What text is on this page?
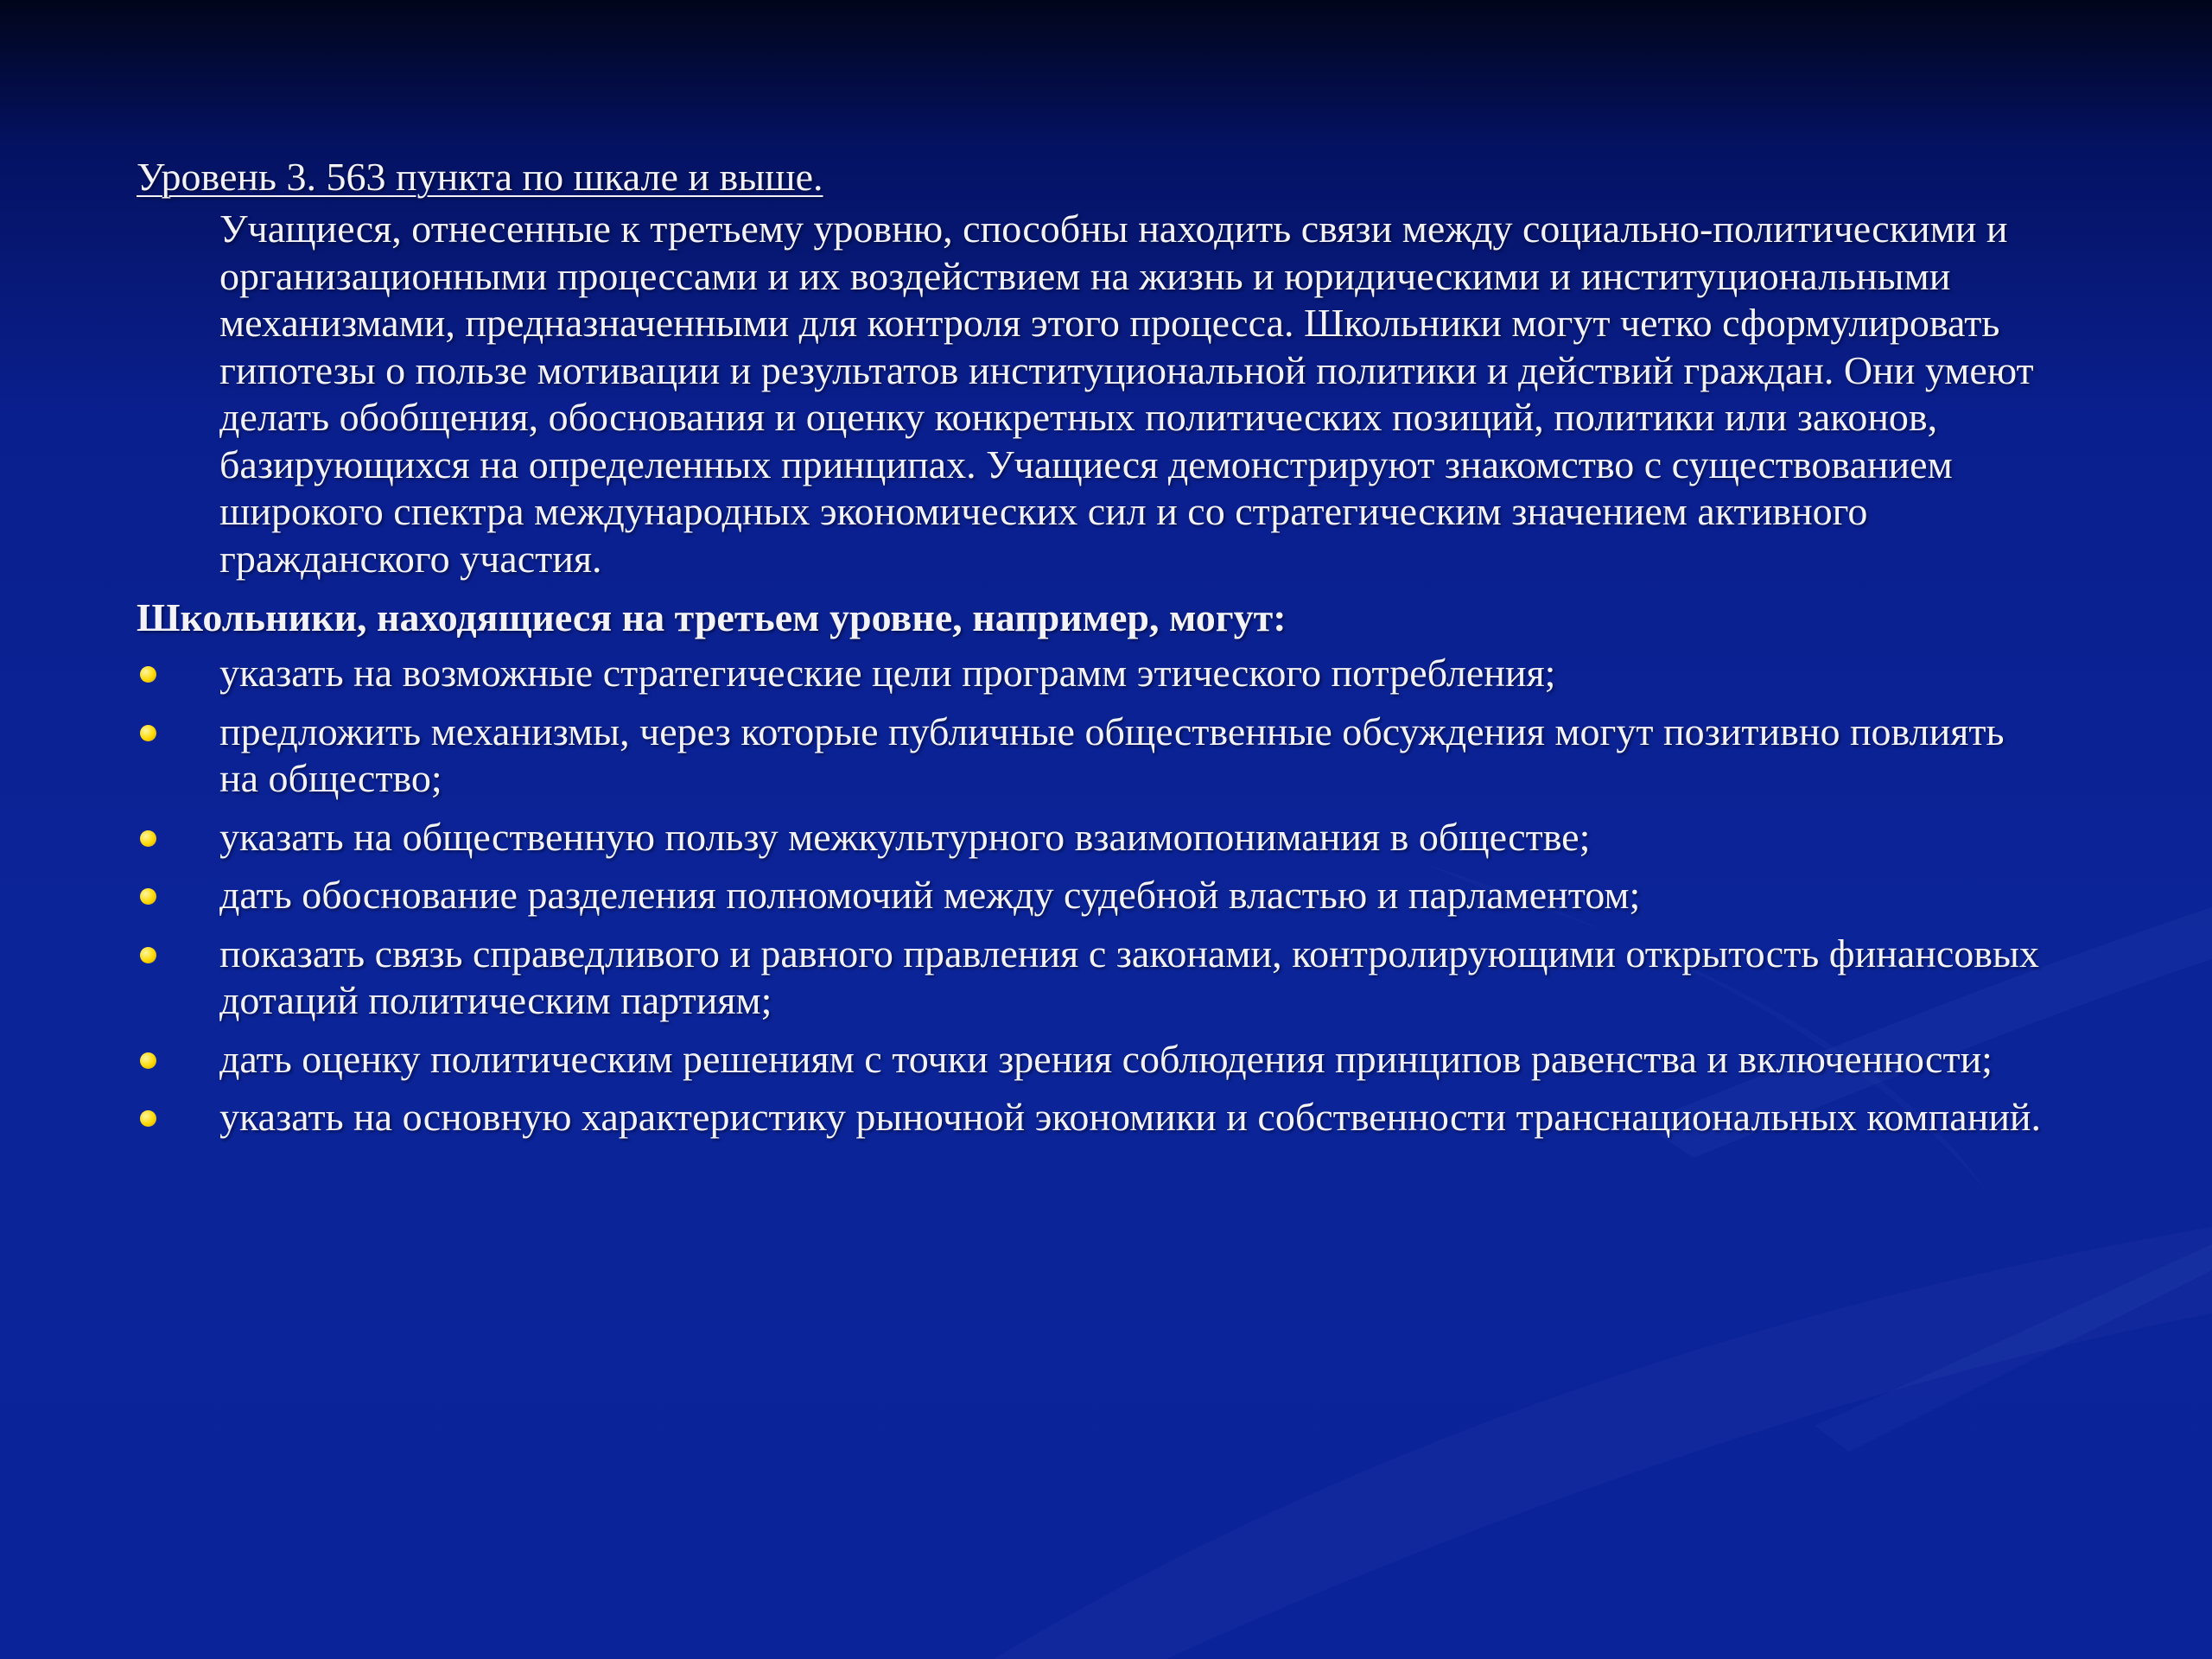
Уровень 3. 563 пункта по шкале и выше.

Учащиеся, отнесенные к третьему уровню, способны находить связи между социально-политическими и организационными процессами и их воздействием на жизнь и юридическими и институциональными механизмами, предназначенными для контроля этого процесса. Школьники могут четко сформулировать гипотезы о пользе мотивации и результатов институциональной политики и действий граждан. Они умеют делать обобщения, обоснования и оценку конкретных политических позиций, политики или законов, базирующихся на определенных принципах. Учащиеся демонстрируют знакомство с существованием широкого спектра международных экономических сил и со стратегическим значением активного гражданского участия.

Школьники, находящиеся на третьем уровне, например, могут:

указать на возможные стратегические цели программ этического потребления;
предложить механизмы, через которые публичные общественные обсуждения могут позитивно повлиять на общество;
указать на общественную пользу межкультурного взаимопонимания в обществе;
дать обоснование разделения полномочий между судебной властью и парламентом;
показать связь справедливого и равного правления с законами, контролирующими открытость финансовых дотаций политическим партиям;
дать оценку политическим решениям с точки зрения соблюдения принципов равенства и включенности;
указать на основную характеристику рыночной экономики и собственности транснациональных компаний.
